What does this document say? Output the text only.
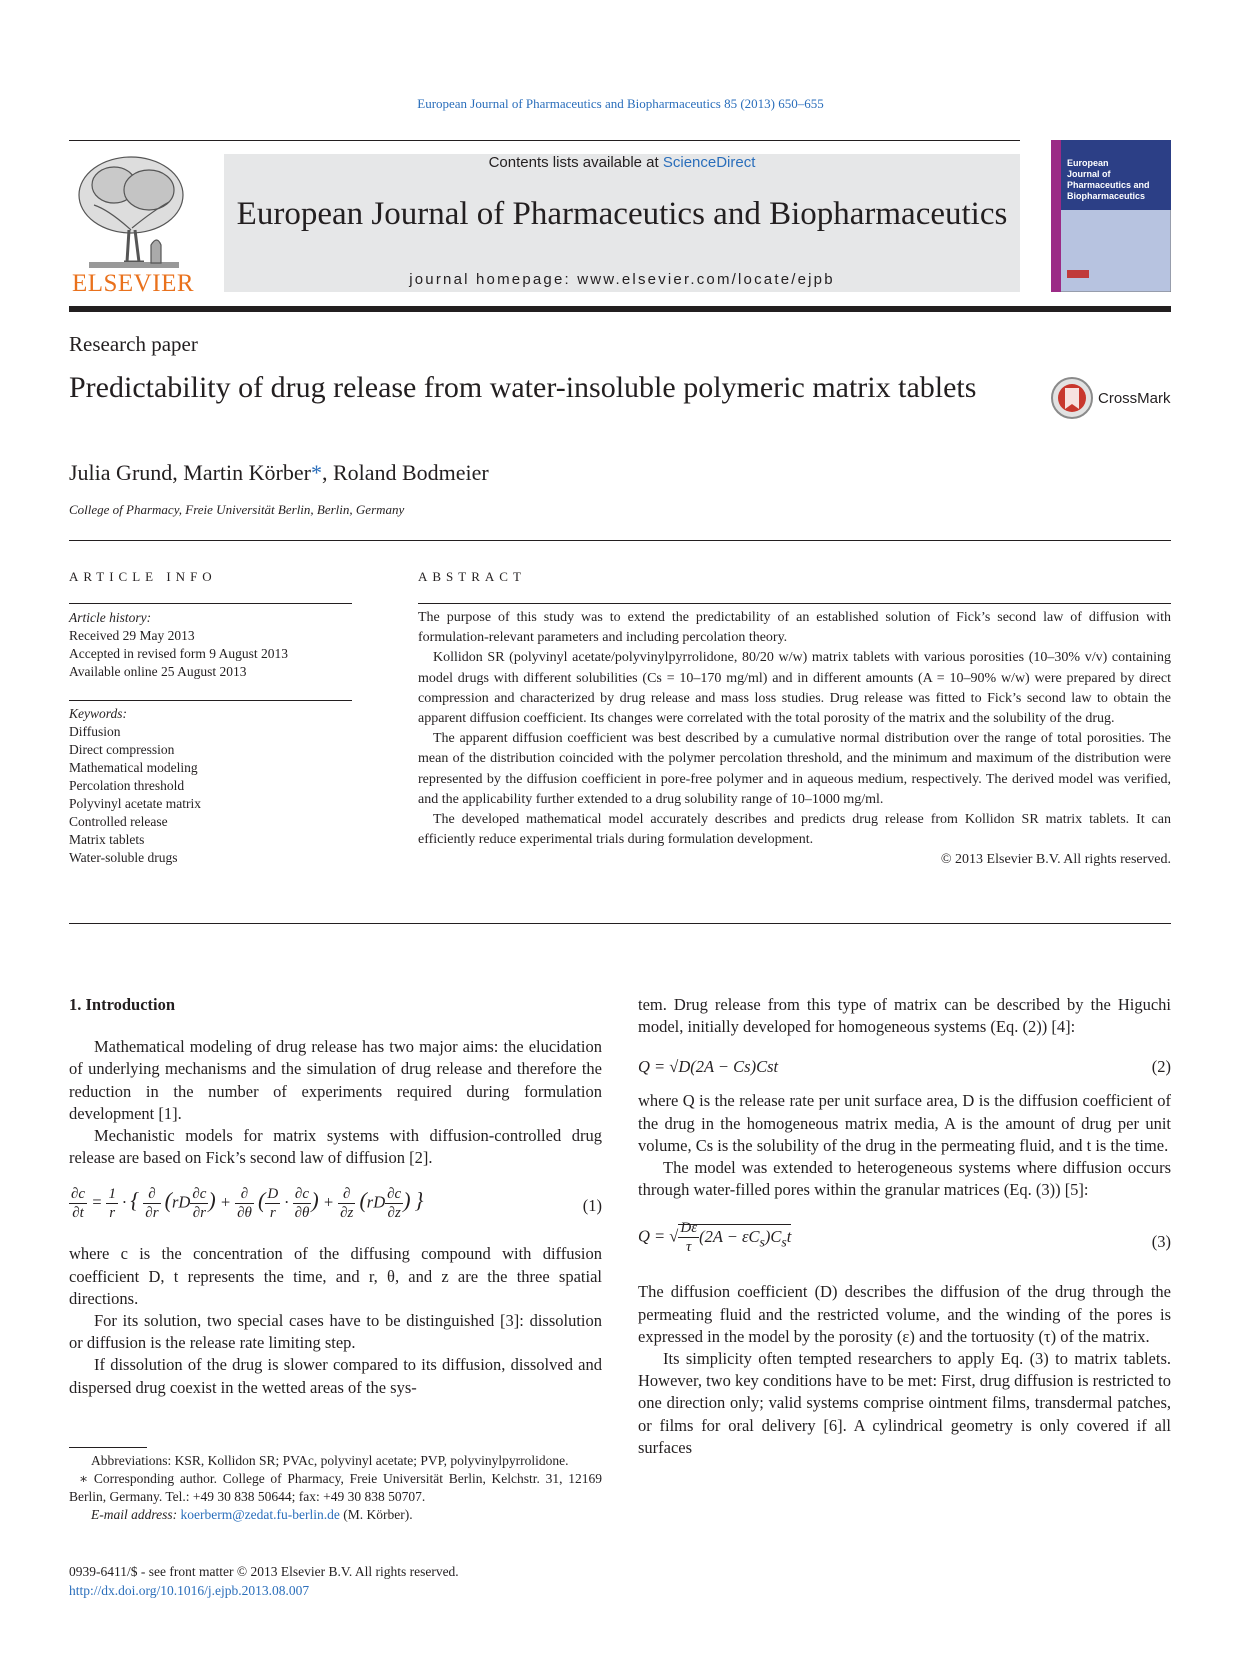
European Journal of Pharmaceutics and Biopharmaceutics 85 (2013) 650–655
ELSEVIER
Contents lists available at ScienceDirect
European Journal of Pharmaceutics and Biopharmaceutics
journal homepage: www.elsevier.com/locate/ejpb
European
Journal of
Pharmaceutics and
Biopharmaceutics
Research paper
Predictability of drug release from water-insoluble polymeric matrix tablets	CrossMark
Julia Grund, Martin Körber*, Roland Bodmeier
College of Pharmacy, Freie Universität Berlin, Berlin, Germany
ARTICLE INFO
Article history:
Received 29 May 2013
Accepted in revised form 9 August 2013
Available online 25 August 2013
Keywords:
Diffusion
Direct compression
Mathematical modeling
Percolation threshold
Polyvinyl acetate matrix
Controlled release
Matrix tablets
Water-soluble drugs
ABSTRACT

The purpose of this study was to extend the predictability of an established solution of Fick’s second law of diffusion with formulation-relevant parameters and including percolation theory.

Kollidon SR (polyvinyl acetate/polyvinylpyrrolidone, 80/20 w/w) matrix tablets with various porosities (10–30% v/v) containing model drugs with different solubilities (Cs = 10–170 mg/ml) and in different amounts (A = 10–90% w/w) were prepared by direct compression and characterized by drug release and mass loss studies. Drug release was fitted to Fick’s second law to obtain the apparent diffusion coefficient. Its changes were correlated with the total porosity of the matrix and the solubility of the drug.

The apparent diffusion coefficient was best described by a cumulative normal distribution over the range of total porosities. The mean of the distribution coincided with the polymer percolation threshold, and the minimum and maximum of the distribution were represented by the diffusion coefficient in pore-free polymer and in aqueous medium, respectively. The derived model was verified, and the applicability further extended to a drug solubility range of 10–1000 mg/ml.

The developed mathematical model accurately describes and predicts drug release from Kollidon SR matrix tablets. It can efficiently reduce experimental trials during formulation development.

© 2013 Elsevier B.V. All rights reserved.

1. Introduction

Mathematical modeling of drug release has two major aims: the elucidation of underlying mechanisms and the simulation of drug release and therefore the reduction in the number of experiments required during formulation development [1].

Mechanistic models for matrix systems with diffusion-controlled drug release are based on Fick’s second law of diffusion [2].

$\frac{\partial c}{\partial t} = \frac{1}{r}$ · { $\frac{\partial}{\partial r} (rD \frac{\partial c}{\partial r}$ ) + $\frac{\partial}{\partial\theta}$ ( $\frac{D}{r} \cdot \frac{\partial c}{\partial\theta}$ ) + $\frac{\partial}{\partial z} (rD \frac{\partial c}{\partial z}$ ) }	(1)

where c is the concentration of the diffusing compound with diffusion coefficient D, t represents the time, and r, θ, and z are the three spatial directions.

For its solution, two special cases have to be distinguished [3]: dissolution or diffusion is the release rate limiting step.

If dissolution of the drug is slower compared to its diffusion, dissolved and dispersed drug coexist in the wetted areas of the sys-

tem. Drug release from this type of matrix can be described by the Higuchi model, initially developed for homogeneous systems (Eq. (2)) [4]:

Q = √D(2A − Cs)Cst	(2)

where Q is the release rate per unit surface area, D is the diffusion coefficient of the drug in the homogeneous matrix media, A is the amount of drug per unit volume, Cs is the solubility of the drug in the permeating fluid, and t is the time.

The model was extended to heterogeneous systems where diffusion occurs through water-filled pores within the granular matrices (Eq. (3)) [5]:

Q = √ $\frac{D\varepsilon}{\tau} (2A - \varepsilon C_s)C_st$	(3)

The diffusion coefficient (D) describes the diffusion of the drug through the permeating fluid and the restricted volume, and the winding of the pores is expressed in the model by the porosity (ε) and the tortuosity (τ) of the matrix.

Its simplicity often tempted researchers to apply Eq. (3) to matrix tablets. However, two key conditions have to be met: First, drug diffusion is restricted to one direction only; valid systems comprise ointment films, transdermal patches, or films for oral delivery [6]. A cylindrical geometry is only covered if all surfaces

Abbreviations: KSR, Kollidon SR; PVAc, polyvinyl acetate; PVP, polyvinylpyrrolidone.

∗ Corresponding author. College of Pharmacy, Freie Universität Berlin, Kelchstr. 31, 12169 Berlin, Germany. Tel.: +49 30 838 50644; fax: +49 30 838 50707.

E-mail address: koerberm@zedat.fu-berlin.de (M. Körber).

0939-6411/$ - see front matter © 2013 Elsevier B.V. All rights reserved.
http://dx.doi.org/10.1016/j.ejpb.2013.08.007
